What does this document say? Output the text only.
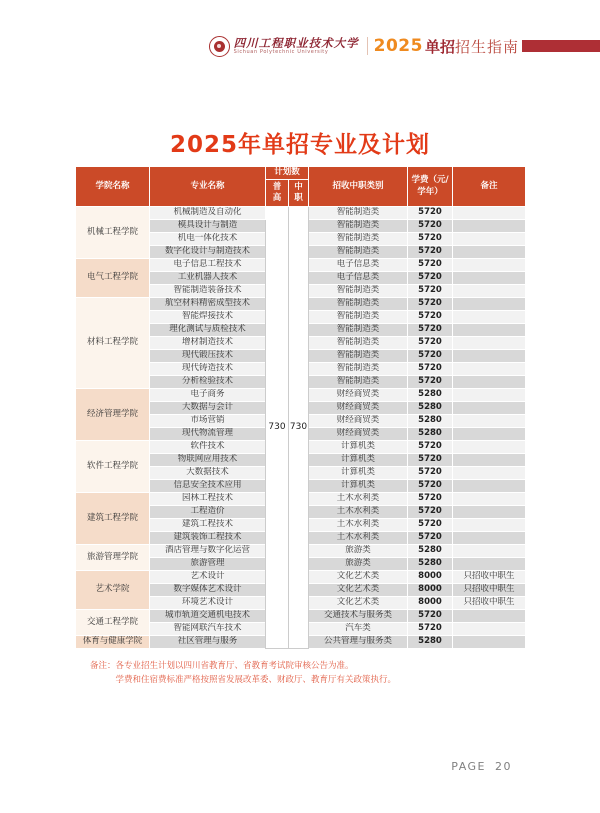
四川工程职业技术大学
Sichuan Polytechnic University	2025 单招 招生指南
2025年单招专业及计划
学院名称	专业名称	计划数		招收中职类别	学费（元/学年）	备注
		普高	中职			
机械工程学院	机械制造及自动化	730	730	智能制造类	5720	
	模具设计与制造			智能制造类	5720	
	机电一体化技术			智能制造类	5720	
	数字化设计与制造技术			智能制造类	5720	
电气工程学院	电子信息工程技术			电子信息类	5720	
	工业机器人技术			电子信息类	5720	
	智能制造装备技术			智能制造类	5720	
材料工程学院	航空材料精密成型技术			智能制造类	5720	
	智能焊接技术			智能制造类	5720	
	理化测试与质检技术			智能制造类	5720	
	增材制造技术			智能制造类	5720	
	现代锻压技术			智能制造类	5720	
	现代铸造技术			智能制造类	5720	
	分析检验技术			智能制造类	5720	
经济管理学院	电子商务			财经商贸类	5280	
	大数据与会计			财经商贸类	5280	
	市场营销			财经商贸类	5280	
	现代物流管理			财经商贸类	5280	
软件工程学院	软件技术			计算机类	5720	
	物联网应用技术			计算机类	5720	
	大数据技术			计算机类	5720	
	信息安全技术应用			计算机类	5720	
建筑工程学院	园林工程技术			土木水利类	5720	
	工程造价			土木水利类	5720	
	建筑工程技术			土木水利类	5720	
	建筑装饰工程技术			土木水利类	5720	
旅游管理学院	酒店管理与数字化运营			旅游类	5280	
	旅游管理			旅游类	5280	
艺术学院	艺术设计			文化艺术类	8000	只招收中职生
	数字媒体艺术设计			文化艺术类	8000	只招收中职生
	环境艺术设计			文化艺术类	8000	只招收中职生
交通工程学院	城市轨道交通机电技术			交通技术与服务类	5720	
	智能网联汽车技术			汽车类	5720	
体育与健康学院	社区管理与服务			公共管理与服务类	5280	
备注： 各专业招生计划以四川省教育厅、省教育考试院审核公告为准。
学费和住宿费标准严格按照省发展改革委、财政厅、教育厅有关政策执行。
PAGE 20
